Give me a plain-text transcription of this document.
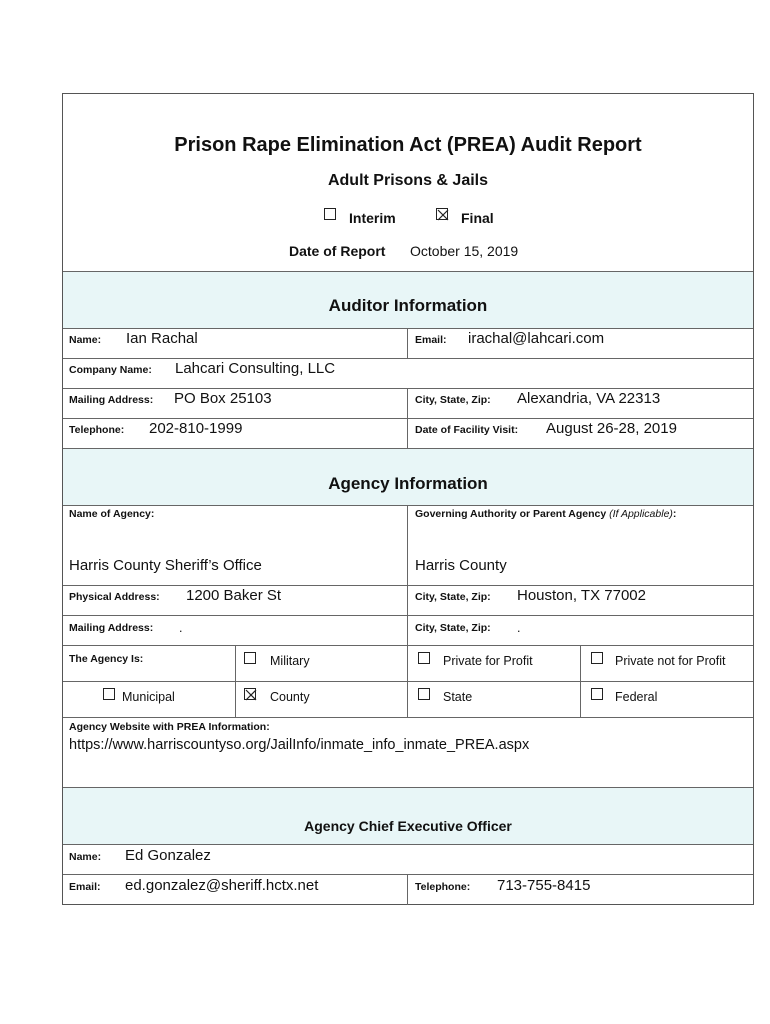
Prison Rape Elimination Act (PREA) Audit Report
Adult Prisons & Jails
Interim	Final
Date of Report October 15, 2019
Auditor Information
Name: Ian Rachal	Email: irachal@lahcari.com
Company Name: Lahcari Consulting, LLC
Mailing Address: PO Box 25103	City, State, Zip: Alexandria, VA 22313
Telephone: 202-810-1999	Date of Facility Visit: August 26-28, 2019
Agency Information
Name of Agency:
Harris County Sheriff’s Office
Governing Authority or Parent Agency (If Applicable):
Harris County
Physical Address: 1200 Baker St	City, State, Zip: Houston, TX 77002
Mailing Address: .	City, State, Zip: .
The Agency Is:	Military	Private for Profit	Private not for Profit
Municipal	County	State	Federal
Agency Website with PREA Information:
https://www.harriscountyso.org/JailInfo/inmate_info_inmate_PREA.aspx
Agency Chief Executive Officer
Name: Ed Gonzalez
Email: ed.gonzalez@sheriff.hctx.net	Telephone: 713-755-8415
